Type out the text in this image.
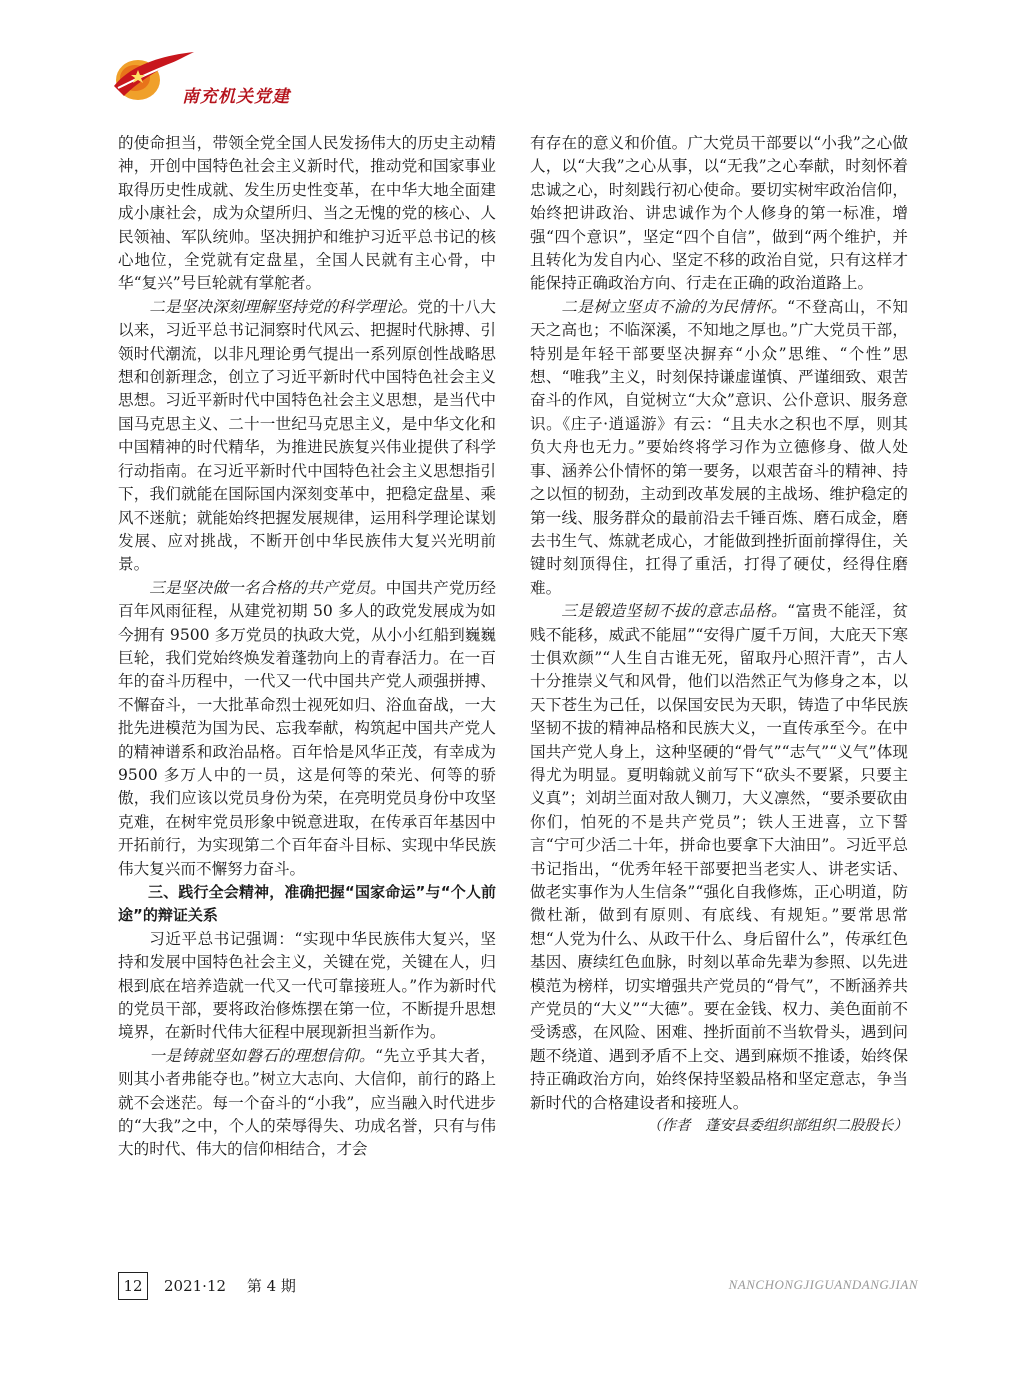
南充机关党建

的使命担当，带领全党全国人民发扬伟大的历史主动精神，开创中国特色社会主义新时代，推动党和国家事业取得历史性成就、发生历史性变革，在中华大地全面建成小康社会，成为众望所归、当之无愧的党的核心、人民领袖、军队统帅。坚决拥护和维护习近平总书记的核心地位，全党就有定盘星，全国人民就有主心骨，中华“复兴”号巨轮就有掌舵者。

二是坚决深刻理解坚持党的科学理论。党的十八大以来，习近平总书记洞察时代风云、把握时代脉搏、引领时代潮流，以非凡理论勇气提出一系列原创性战略思想和创新理念，创立了习近平新时代中国特色社会主义思想。习近平新时代中国特色社会主义思想，是当代中国马克思主义、二十一世纪马克思主义，是中华文化和中国精神的时代精华，为推进民族复兴伟业提供了科学行动指南。在习近平新时代中国特色社会主义思想指引下，我们就能在国际国内深刻变革中，把稳定盘星、乘风不迷航；就能始终把握发展规律，运用科学理论谋划发展、应对挑战，不断开创中华民族伟大复兴光明前景。

三是坚决做一名合格的共产党员。中国共产党历经百年风雨征程，从建党初期 50 多人的政党发展成为如今拥有 9500 多万党员的执政大党，从小小红船到巍巍巨轮，我们党始终焕发着蓬勃向上的青春活力。在一百年的奋斗历程中，一代又一代中国共产党人顽强拼搏、不懈奋斗，一大批革命烈士视死如归、浴血奋战，一大批先进模范为国为民、忘我奉献，构筑起中国共产党人的精神谱系和政治品格。百年恰是风华正茂，有幸成为 9500 多万人中的一员，这是何等的荣光、何等的骄傲，我们应该以党员身份为荣，在亮明党员身份中攻坚克难，在树牢党员形象中锐意进取，在传承百年基因中开拓前行，为实现第二个百年奋斗目标、实现中华民族伟大复兴而不懈努力奋斗。

三、践行全会精神，准确把握“国家命运”与“个人前途”的辩证关系

习近平总书记强调：“实现中华民族伟大复兴，坚持和发展中国特色社会主义，关键在党，关键在人，归根到底在培养造就一代又一代可靠接班人。”作为新时代的党员干部，要将政治修炼摆在第一位，不断提升思想境界，在新时代伟大征程中展现新担当新作为。

一是铸就坚如磐石的理想信仰。“先立乎其大者，则其小者弗能夺也。”树立大志向、大信仰，前行的路上就不会迷茫。每一个奋斗的“小我”，应当融入时代进步的“大我”之中，个人的荣辱得失、功成名誉，只有与伟大的时代、伟大的信仰相结合，才会

有存在的意义和价值。广大党员干部要以“小我”之心做人，以“大我”之心从事，以“无我”之心奉献，时刻怀着忠诚之心，时刻践行初心使命。要切实树牢政治信仰，始终把讲政治、讲忠诚作为个人修身的第一标准，增强“四个意识”，坚定“四个自信”，做到“两个维护，并且转化为发自内心、坚定不移的政治自觉，只有这样才能保持正确政治方向、行走在正确的政治道路上。

二是树立坚贞不渝的为民情怀。“不登高山，不知天之高也；不临深溪，不知地之厚也。”广大党员干部，特别是年轻干部要坚决摒弃“小众”思维、“个性”思想、“唯我”主义，时刻保持谦虚谨慎、严谨细致、艰苦奋斗的作风，自觉树立“大众”意识、公仆意识、服务意识。《庄子·逍遥游》有云：“且夫水之积也不厚，则其负大舟也无力。”要始终将学习作为立德修身、做人处事、涵养公仆情怀的第一要务，以艰苦奋斗的精神、持之以恒的韧劲，主动到改革发展的主战场、维护稳定的第一线、服务群众的最前沿去千锤百炼、磨石成金，磨去书生气、炼就老成心，才能做到挫折面前撑得住，关键时刻顶得住，扛得了重活，打得了硬仗，经得住磨难。

三是锻造坚韧不拔的意志品格。“富贵不能淫，贫贱不能移，威武不能屈”“安得广厦千万间，大庇天下寒士俱欢颜”“人生自古谁无死，留取丹心照汗青”，古人十分推崇义气和风骨，他们以浩然正气为修身之本，以天下苍生为己任，以保国安民为天职，铸造了中华民族坚韧不拔的精神品格和民族大义，一直传承至今。在中国共产党人身上，这种坚硬的“骨气”“志气”“义气”体现得尤为明显。夏明翰就义前写下“砍头不要紧，只要主义真”；刘胡兰面对敌人铡刀，大义凛然，“要杀要砍由你们，怕死的不是共产党员”；铁人王进喜，立下誓言“宁可少活二十年，拼命也要拿下大油田”。习近平总书记指出，“优秀年轻干部要把当老实人、讲老实话、做老实事作为人生信条”“强化自我修炼，正心明道，防微杜渐，做到有原则、有底线、有规矩。”要常思常想“人党为什么、从政干什么、身后留什么”，传承红色基因、赓续红色血脉，时刻以革命先辈为参照、以先进模范为榜样，切实增强共产党员的“骨气”，不断涵养共产党员的“大义”“大德”。要在金钱、权力、美色面前不受诱惑，在风险、困难、挫折面前不当软骨头，遇到问题不绕道、遇到矛盾不上交、遇到麻烦不推诿，始终保持正确政治方向，始终保持坚毅品格和坚定意志，争当新时代的合格建设者和接班人。

（作者　蓬安县委组织部组织二股股长）

12	2021·12 第 4 期	NANCHONGJIGUANDANGJIAN
